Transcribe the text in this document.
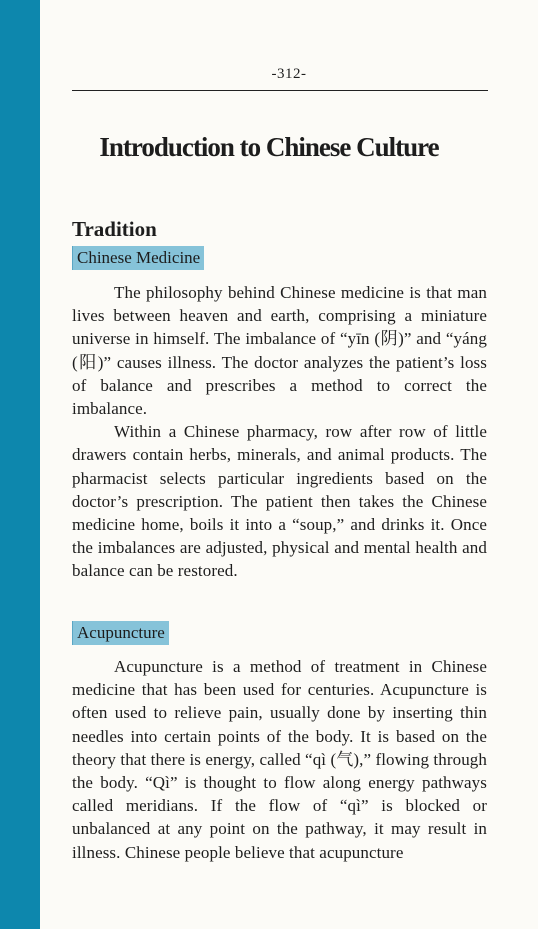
-312-
Introduction to Chinese Culture
Tradition
Chinese Medicine

The philosophy behind Chinese medicine is that man lives between heaven and earth, comprising a miniature universe in himself. The imbalance of “yīn (阴)” and “yáng (阳)” causes illness. The doctor analyzes the patient’s loss of balance and prescribes a method to correct the imbalance.

Within a Chinese pharmacy, row after row of little drawers contain herbs, minerals, and animal products. The pharmacist selects particular ingredients based on the doctor’s prescription. The patient then takes the Chinese medicine home, boils it into a “soup,” and drinks it. Once the imbalances are adjusted, physical and mental health and balance can be restored.

Acupuncture

Acupuncture is a method of treatment in Chinese medicine that has been used for centuries. Acupuncture is often used to relieve pain, usually done by inserting thin needles into certain points of the body. It is based on the theory that there is energy, called “qì (气),” flowing through the body. “Qì” is thought to flow along energy pathways called meridians. If the flow of “qì” is blocked or unbalanced at any point on the pathway, it may result in illness. Chinese people believe that acupuncture
